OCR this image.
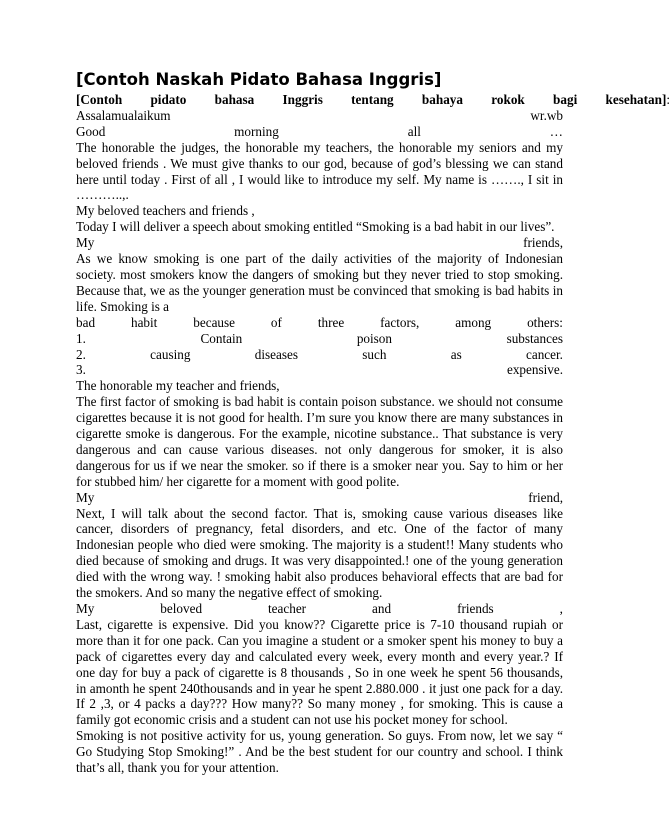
[Contoh Naskah Pidato Bahasa Inggris]
[Contoh pidato bahasa Inggris tentang bahaya rokok bagi kesehatan] :
Assalamualaikum	wr.wb
Good	morning	all	…

The honorable the judges, the honorable my teachers, the honorable my seniors and my beloved friends . We must give thanks to our god, because of god’s blessing we can stand here until today . First of all , I would like to introduce my self. My name is ……., I sit in ………..,.

My beloved teachers and friends ,

Today I will deliver a speech about smoking entitled “Smoking is a bad habit in our lives”.

My	friends,

As we know smoking is one part of the daily activities of the majority of Indonesian society. most smokers know the dangers of smoking but they never tried to stop smoking. Because that, we as the younger generation must be convinced that smoking is bad habits in life. Smoking is a

bad	habit	because	of	three	factors,	among	others:
1.	Contain	poison	substances
2.	causing	diseases	such	as	cancer.
3.	expensive.

The honorable my teacher and friends,

The first factor of smoking is bad habit is contain poison substance. we should not consume cigarettes because it is not good for health. I’m sure you know there are many substances in cigarette smoke is dangerous. For the example, nicotine substance.. That substance is very dangerous and can cause various diseases. not only dangerous for smoker, it is also dangerous for us if we near the smoker. so if there is a smoker near you. Say to him or her for stubbed him/ her cigarette for a moment with good polite.

My	friend,

Next, I will talk about the second factor. That is, smoking cause various diseases like cancer, disorders of pregnancy, fetal disorders, and etc. One of the factor of many Indonesian people who died were smoking. The majority is a student!! Many students who died because of smoking and drugs. It was very disappointed.! one of the young generation died with the wrong way. ! smoking habit also produces behavioral effects that are bad for the smokers. And so many the negative effect of smoking.

My	beloved	teacher	and	friends	,

Last, cigarette is expensive. Did you know?? Cigarette price is 7-10 thousand rupiah or more than it for one pack. Can you imagine a student or a smoker spent his money to buy a pack of cigarettes every day and calculated every week, every month and every year.? If one day for buy a pack of cigarette is 8 thousands , So in one week he spent 56 thousands, in amonth he spent 240thousands and in year he spent 2.880.000 . it just one pack for a day. If 2 ,3, or 4 packs a day??? How many?? So many money , for smoking. This is cause a family got economic crisis and a student can not use his pocket money for school.

Smoking is not positive activity for us, young generation. So guys. From now, let we say “ Go Studying Stop Smoking!” . And be the best student for our country and school. I think that’s all, thank you for your attention.
